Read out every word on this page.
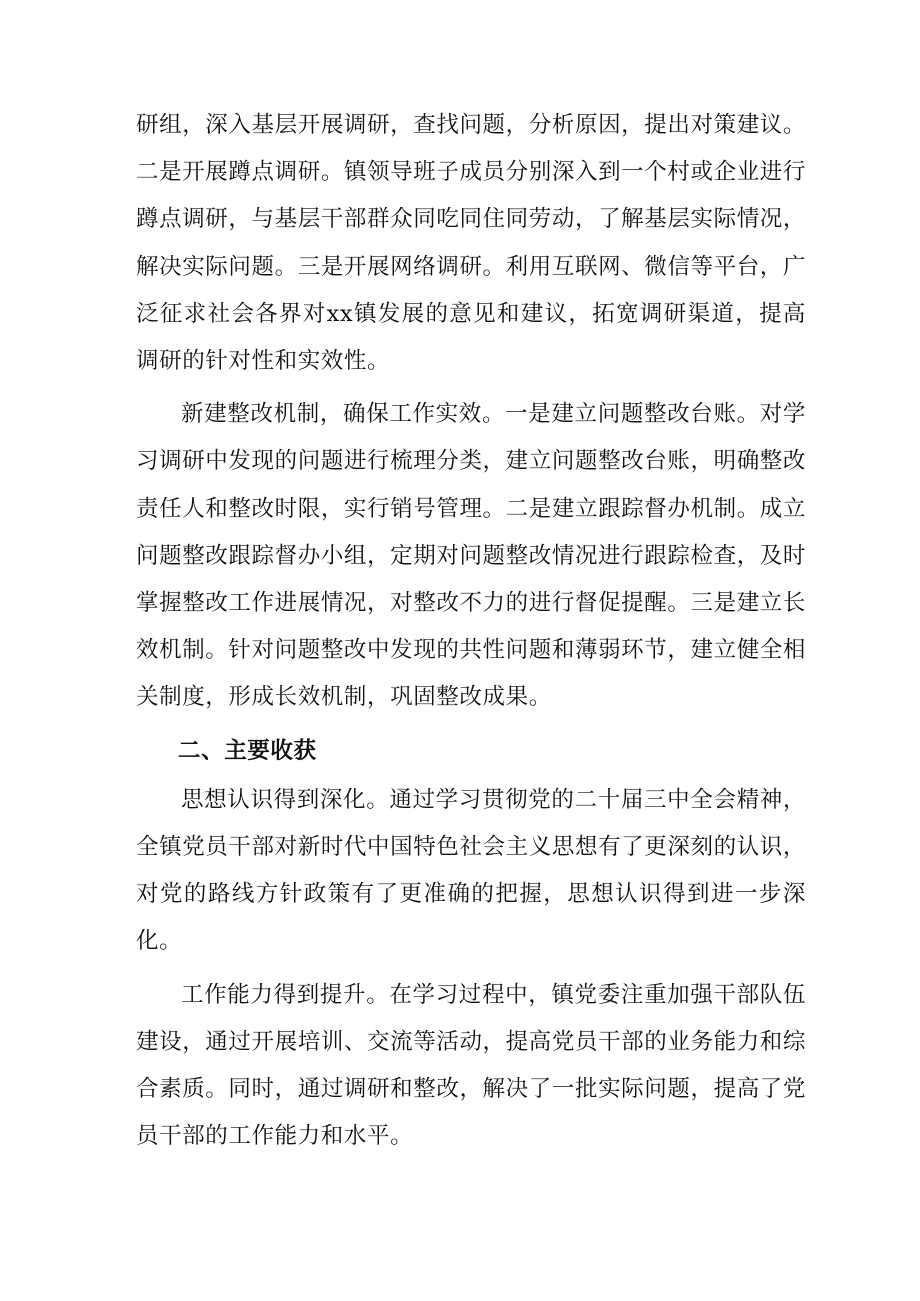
研组，深入基层开展调研，查找问题，分析原因，提出对策建议。二是开展蹲点调研。镇领导班子成员分别深入到一个村或企业进行蹲点调研，与基层干部群众同吃同住同劳动，了解基层实际情况，解决实际问题。三是开展网络调研。利用互联网、微信等平台，广泛征求社会各界对xx镇发展的意见和建议，拓宽调研渠道，提高调研的针对性和实效性。

新建整改机制，确保工作实效。一是建立问题整改台账。对学习调研中发现的问题进行梳理分类，建立问题整改台账，明确整改责任人和整改时限，实行销号管理。二是建立跟踪督办机制。成立问题整改跟踪督办小组，定期对问题整改情况进行跟踪检查，及时掌握整改工作进展情况，对整改不力的进行督促提醒。三是建立长效机制。针对问题整改中发现的共性问题和薄弱环节，建立健全相关制度，形成长效机制，巩固整改成果。

二、主要收获

思想认识得到深化。通过学习贯彻党的二十届三中全会精神，全镇党员干部对新时代中国特色社会主义思想有了更深刻的认识，对党的路线方针政策有了更准确的把握，思想认识得到进一步深化。

工作能力得到提升。在学习过程中，镇党委注重加强干部队伍建设，通过开展培训、交流等活动，提高党员干部的业务能力和综合素质。同时，通过调研和整改，解决了一批实际问题，提高了党员干部的工作能力和水平。
